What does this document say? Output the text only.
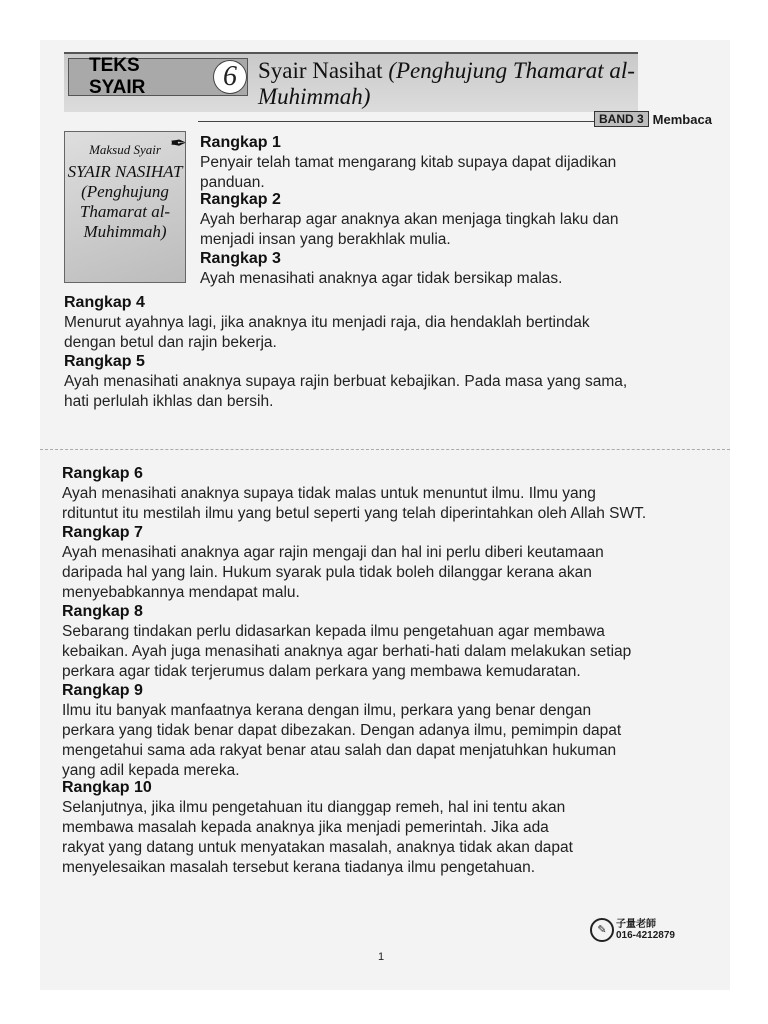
TEKS SYAIR	6 Syair Nasihat (Penghujung Thamarat al-Muhimmah)
BAND 3 Membaca
Maksud Syair
SYAIR NASIHAT (Penghujung Thamarat al-Muhimmah)
✒ Rangkap 1
Penyair telah tamat mengarang kitab supaya dapat dijadikan
panduan.
Rangkap 2
Ayah berharap agar anaknya akan menjaga tingkah laku dan
menjadi insan yang berakhlak mulia.
Rangkap 3
Ayah menasihati anaknya agar tidak bersikap malas.
Rangkap 4
Menurut ayahnya lagi, jika anaknya itu menjadi raja, dia hendaklah bertindak
dengan betul dan rajin bekerja.
Rangkap 5
Ayah menasihati anaknya supaya rajin berbuat kebajikan. Pada masa yang sama,
hati perlulah ikhlas dan bersih.
Rangkap 6
Ayah menasihati anaknya supaya tidak malas untuk menuntut ilmu. Ilmu yang
rdituntut itu mestilah ilmu yang betul seperti yang telah diperintahkan oleh Allah SWT.
Rangkap 7
Ayah menasihati anaknya agar rajin mengaji dan hal ini perlu diberi keutamaan
daripada hal yang lain. Hukum syarak pula tidak boleh dilanggar kerana akan
menyebabkannya mendapat malu.
Rangkap 8
Sebarang tindakan perlu didasarkan kepada ilmu pengetahuan agar membawa
kebaikan. Ayah juga menasihati anaknya agar berhati-hati dalam melakukan setiap
perkara agar tidak terjerumus dalam perkara yang membawa kemudaratan.
Rangkap 9
Ilmu itu banyak manfaatnya kerana dengan ilmu, perkara yang benar dengan
perkara yang tidak benar dapat dibezakan. Dengan adanya ilmu, pemimpin dapat
mengetahui sama ada rakyat benar atau salah dan dapat menjatuhkan hukuman
yang adil kepada mereka.
Rangkap 10
Selanjutnya, jika ilmu pengetahuan itu dianggap remeh, hal ini tentu akan
membawa masalah kepada anaknya jika menjadi pemerintah. Jika ada
rakyat yang datang untuk menyatakan masalah, anaknya tidak akan dapat
menyelesaikan masalah tersebut kerana tiadanya ilmu pengetahuan.
✎ 子量老師
016-4212879
1
